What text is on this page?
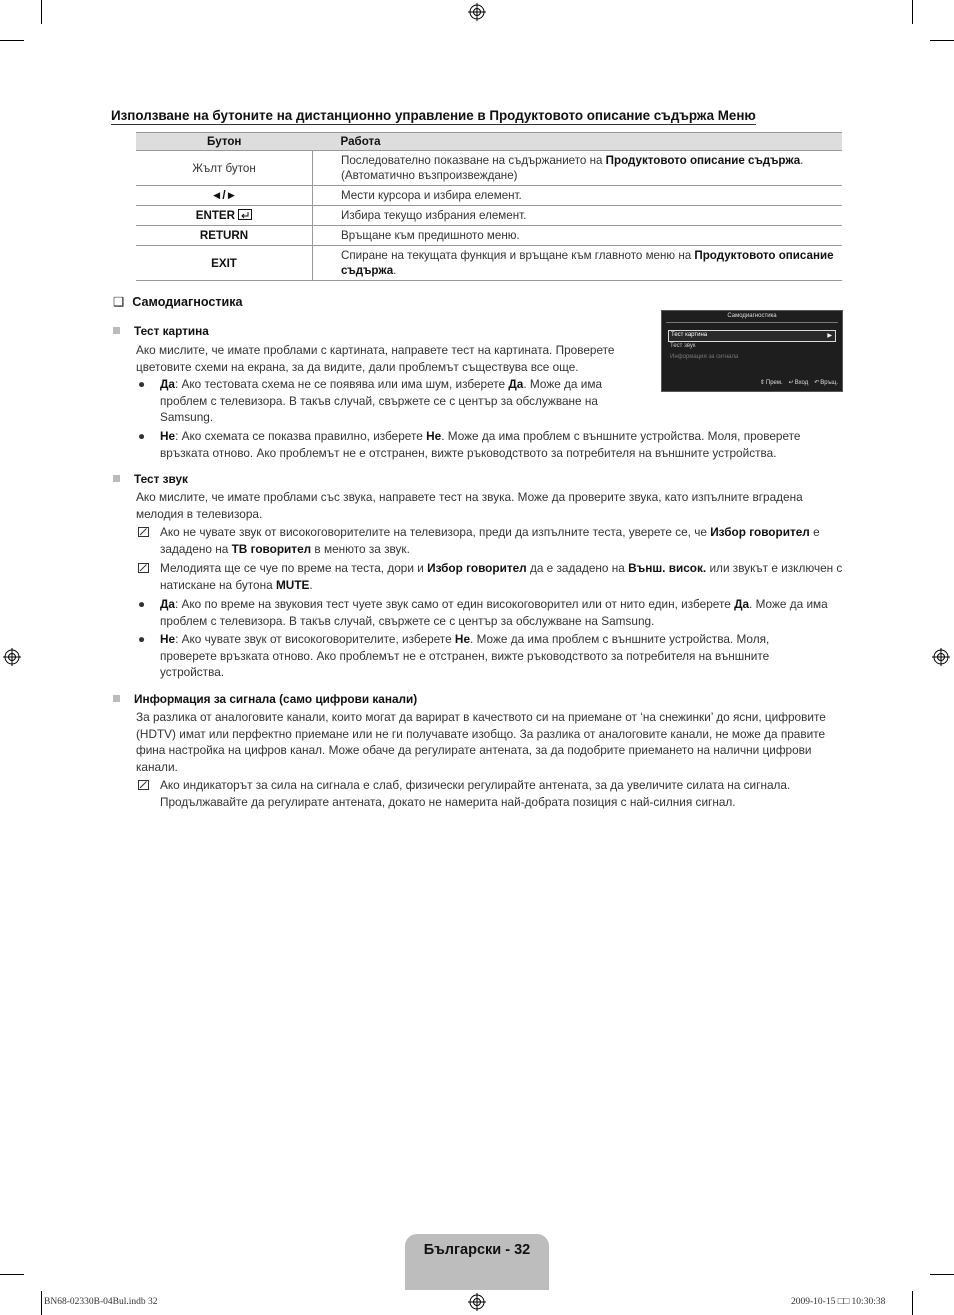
Използване на бутоните на дистанционно управление в Продуктовото описание съдържа Меню
Бутон	Работа
Жълт бутон	Последователно показване на съдържанието на Продуктовото описание съдържа. (Автоматично възпроизвеждане)
◄/►	Мести курсора и избира елемент.
ENTER	Избира текущо избрания елемент.
RETURN	Връщане към предишното меню.
EXIT	Спиране на текущата функция и връщане към главното меню на Продуктовото описание съдържа.
❑ Самодиагностика
Тест картина
Ако мислите, че имате проблами с картината, направете тест на картината. Проверете цветовите схеми на екрана, за да видите, дали проблемът съществува все още.
● Да: Ако тестовата схема не се появява или има шум, изберете Да. Може да има проблем с телевизора. В такъв случай, свържете се с център за обслужване на Samsung.
● Не: Ако схемата се показва правилно, изберете Не. Може да има проблем с външните устройства. Моля, проверете връзката отново. Ако проблемът не е отстранен, вижте ръководството за потребителя на външните устройства.
Самодиагностика
Тест картина	▶
Тест звук
Информация за сигнала
⇕Прем. ↵Вход ↶Връщ.
Тест звук
Ако мислите, че имате проблами със звука, направете тест на звука. Може да проверите звука, като изпълните вградена мелодия в телевизора.
Ако не чувате звук от високоговорителите на телевизора, преди да изпълните теста, уверете се, че Избор говорител е зададено на ТВ говорител в менюто за звук.
Мелодията ще се чуе по време на теста, дори и Избор говорител да е зададено на Външ. висок. или звукът е изключен с натискане на бутона MUTE.
● Да: Ако по време на звуковия тест чуете звук само от един високоговорител или от нито един, изберете Да. Може да има проблем с телевизора. В такъв случай, свържете се с център за обслужване на Samsung.
● Не: Ако чувате звук от високоговорителите, изберете Не. Може да има проблем с външните устройства. Моля, проверете връзката отново. Ако проблемът не е отстранен, вижте ръководството за потребителя на външните устройства.
Информация за сигнала (само цифрови канали)
За разлика от аналоговите канали, които могат да варират в качеството си на приемане от ‘на снежинки’ до ясни, цифровите (HDTV) имат или перфектно приемане или не ги получавате изобщо. За разлика от аналоговите канали, не може да правите фина настройка на цифров канал. Може обаче да регулирате антената, за да подобрите приемането на налични цифрови канали.
Ако индикаторът за сила на сигнала е слаб, физически регулирайте антената, за да увеличите силата на сигнала. Продължавайте да регулирате антената, докато не намерита най-добрата позиция с най-силния сигнал.
Български - 32
BN68-02330B-04Bul.indb 32	2009-10-15 □□ 10:30:38
